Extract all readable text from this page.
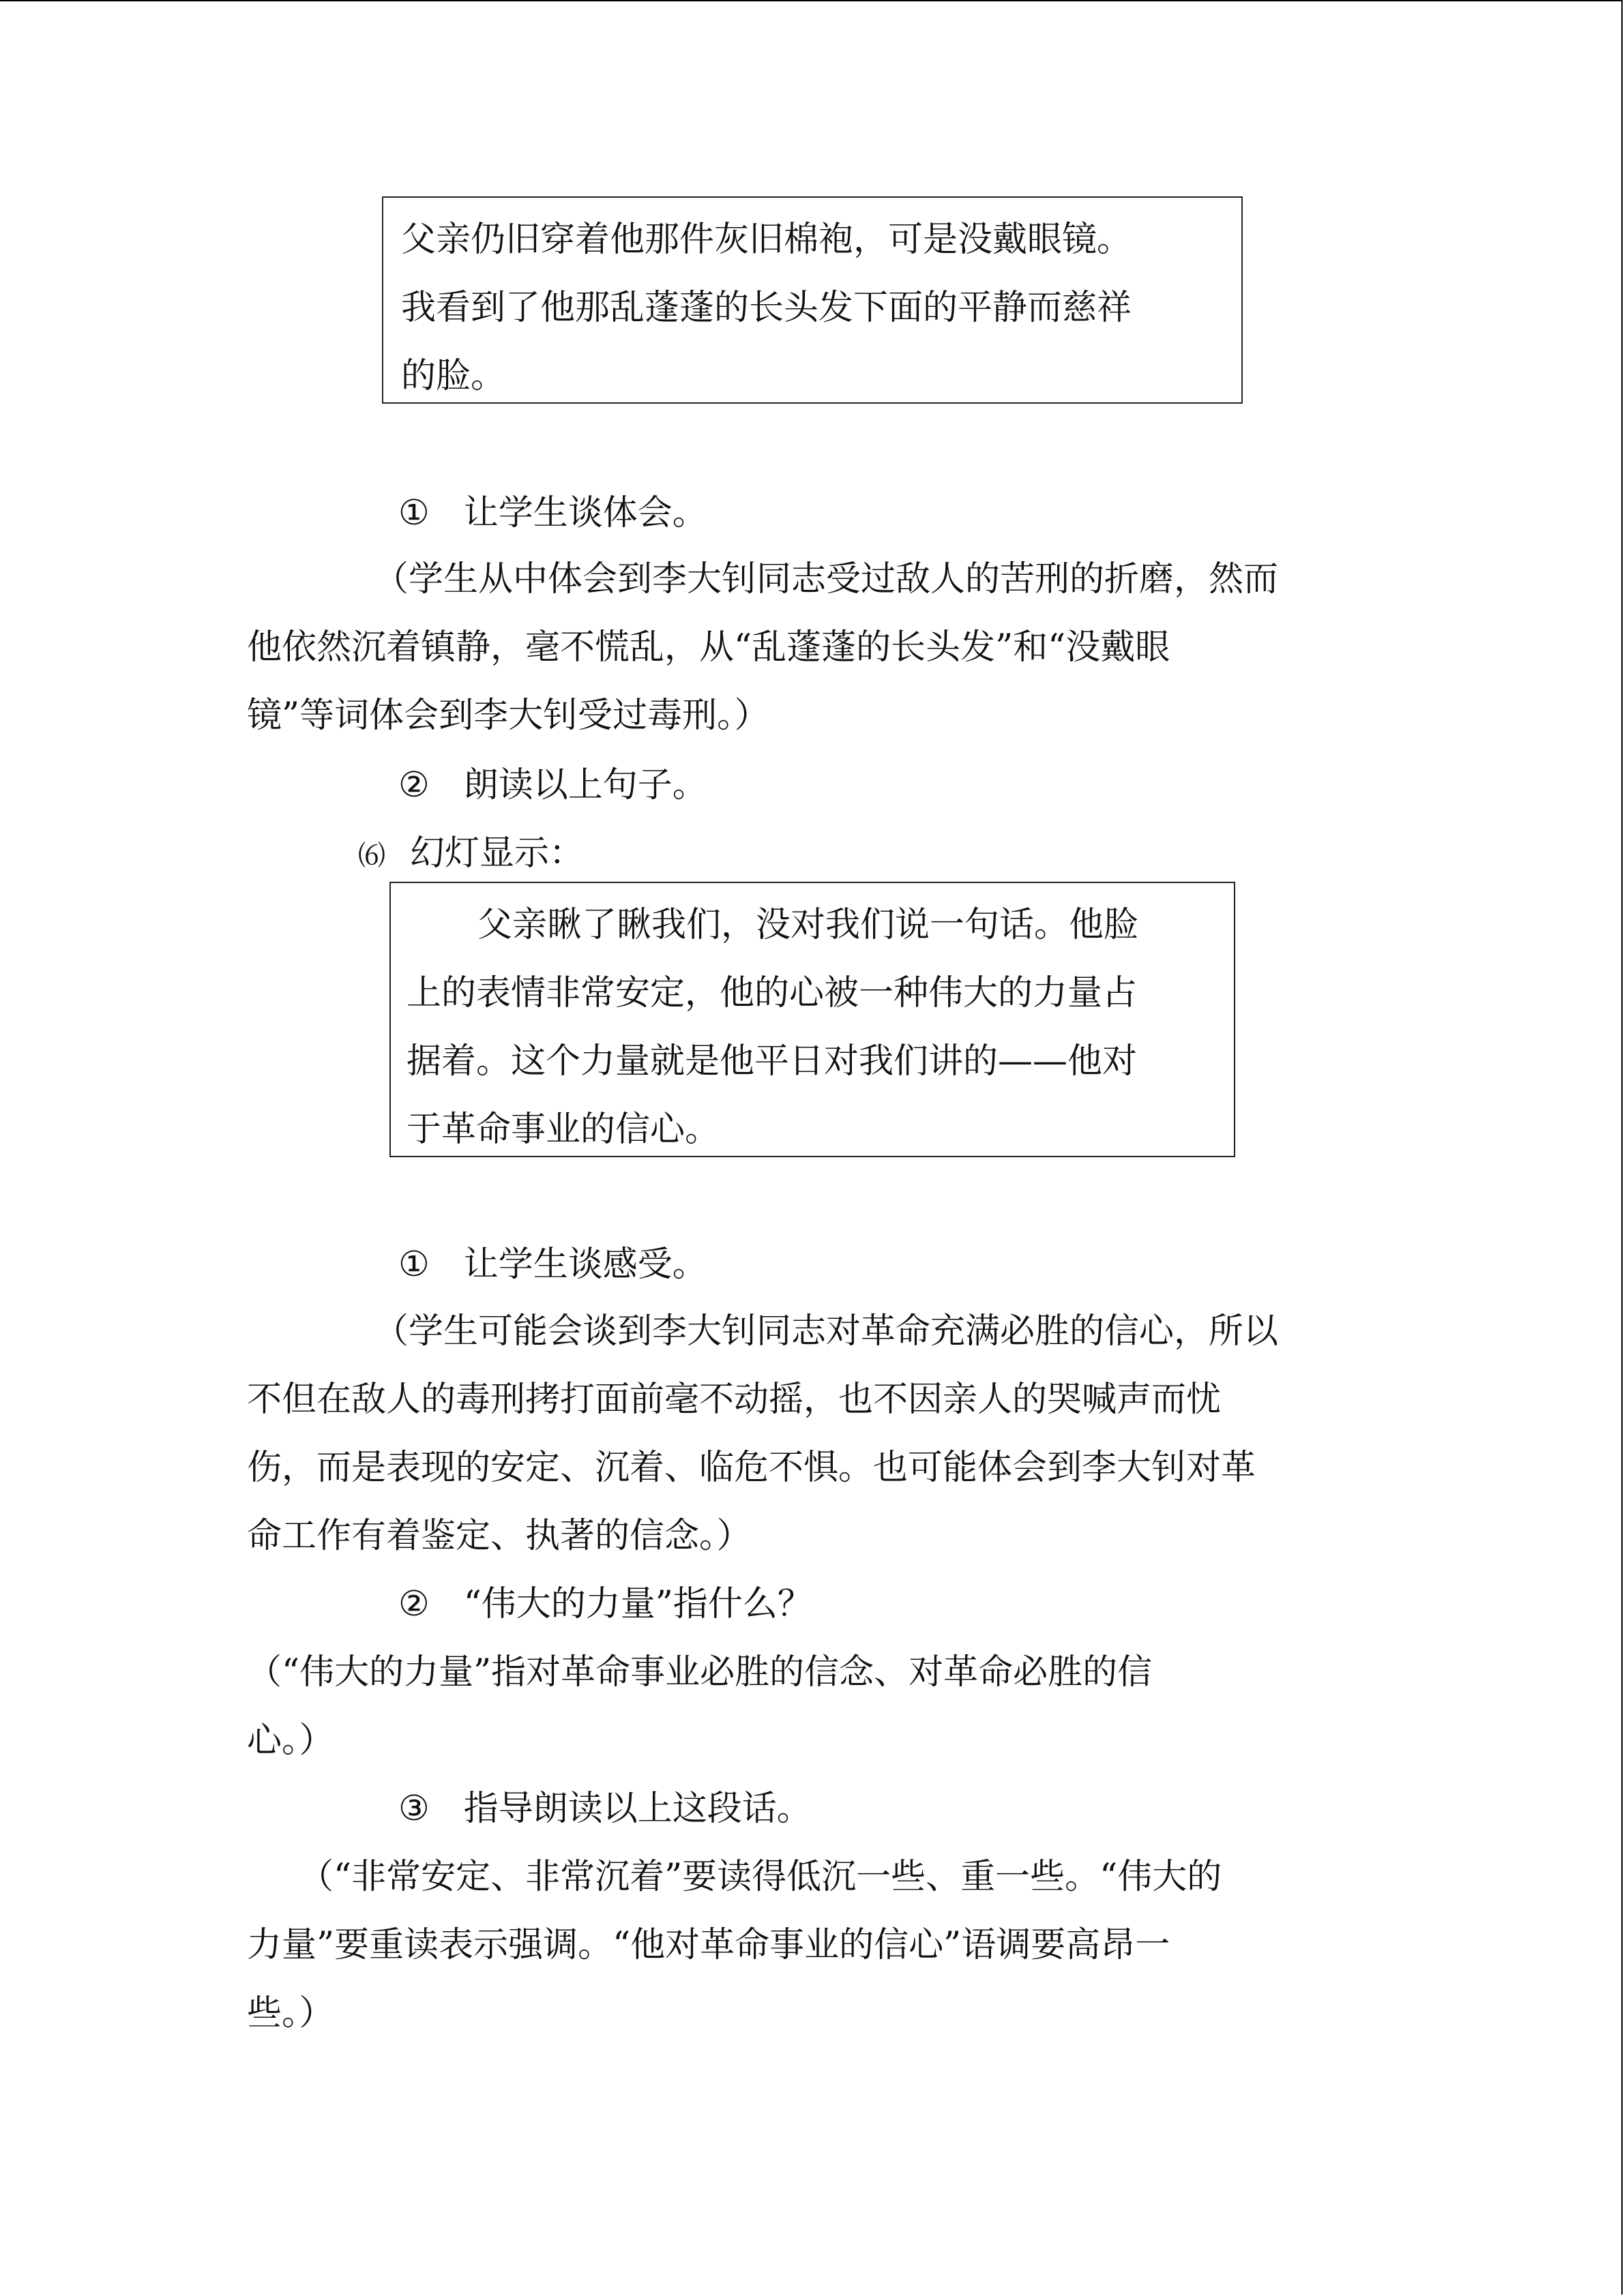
父亲仍旧穿着他那件灰旧棉袍，可是没戴眼镜。

我看到了他那乱蓬蓬的长头发下面的平静而慈祥

的脸。

① 让学生谈体会。

（学生从中体会到李大钊同志受过敌人的苦刑的折磨，然而

他依然沉着镇静，毫不慌乱，从“乱蓬蓬的长头发”和“没戴眼

镜”等词体会到李大钊受过毒刑。）

② 朗读以上句子。
⑹ 幻灯显示：

父亲瞅了瞅我们，没对我们说一句话。他脸

上的表情非常安定，他的心被一种伟大的力量占

据着。这个力量就是他平日对我们讲的——他对

于革命事业的信心。

① 让学生谈感受。

（学生可能会谈到李大钊同志对革命充满必胜的信心，所以

不但在敌人的毒刑拷打面前毫不动摇，也不因亲人的哭喊声而忧

伤，而是表现的安定、沉着、临危不惧。也可能体会到李大钊对革

命工作有着鉴定、执著的信念。）

② “伟大的力量”指什么？

（“伟大的力量”指对革命事业必胜的信念、对革命必胜的信

心。）

③ 指导朗读以上这段话。

（“非常安定、非常沉着”要读得低沉一些、重一些。“伟大的

力量”要重读表示强调。“他对革命事业的信心”语调要高昂一

些。）
